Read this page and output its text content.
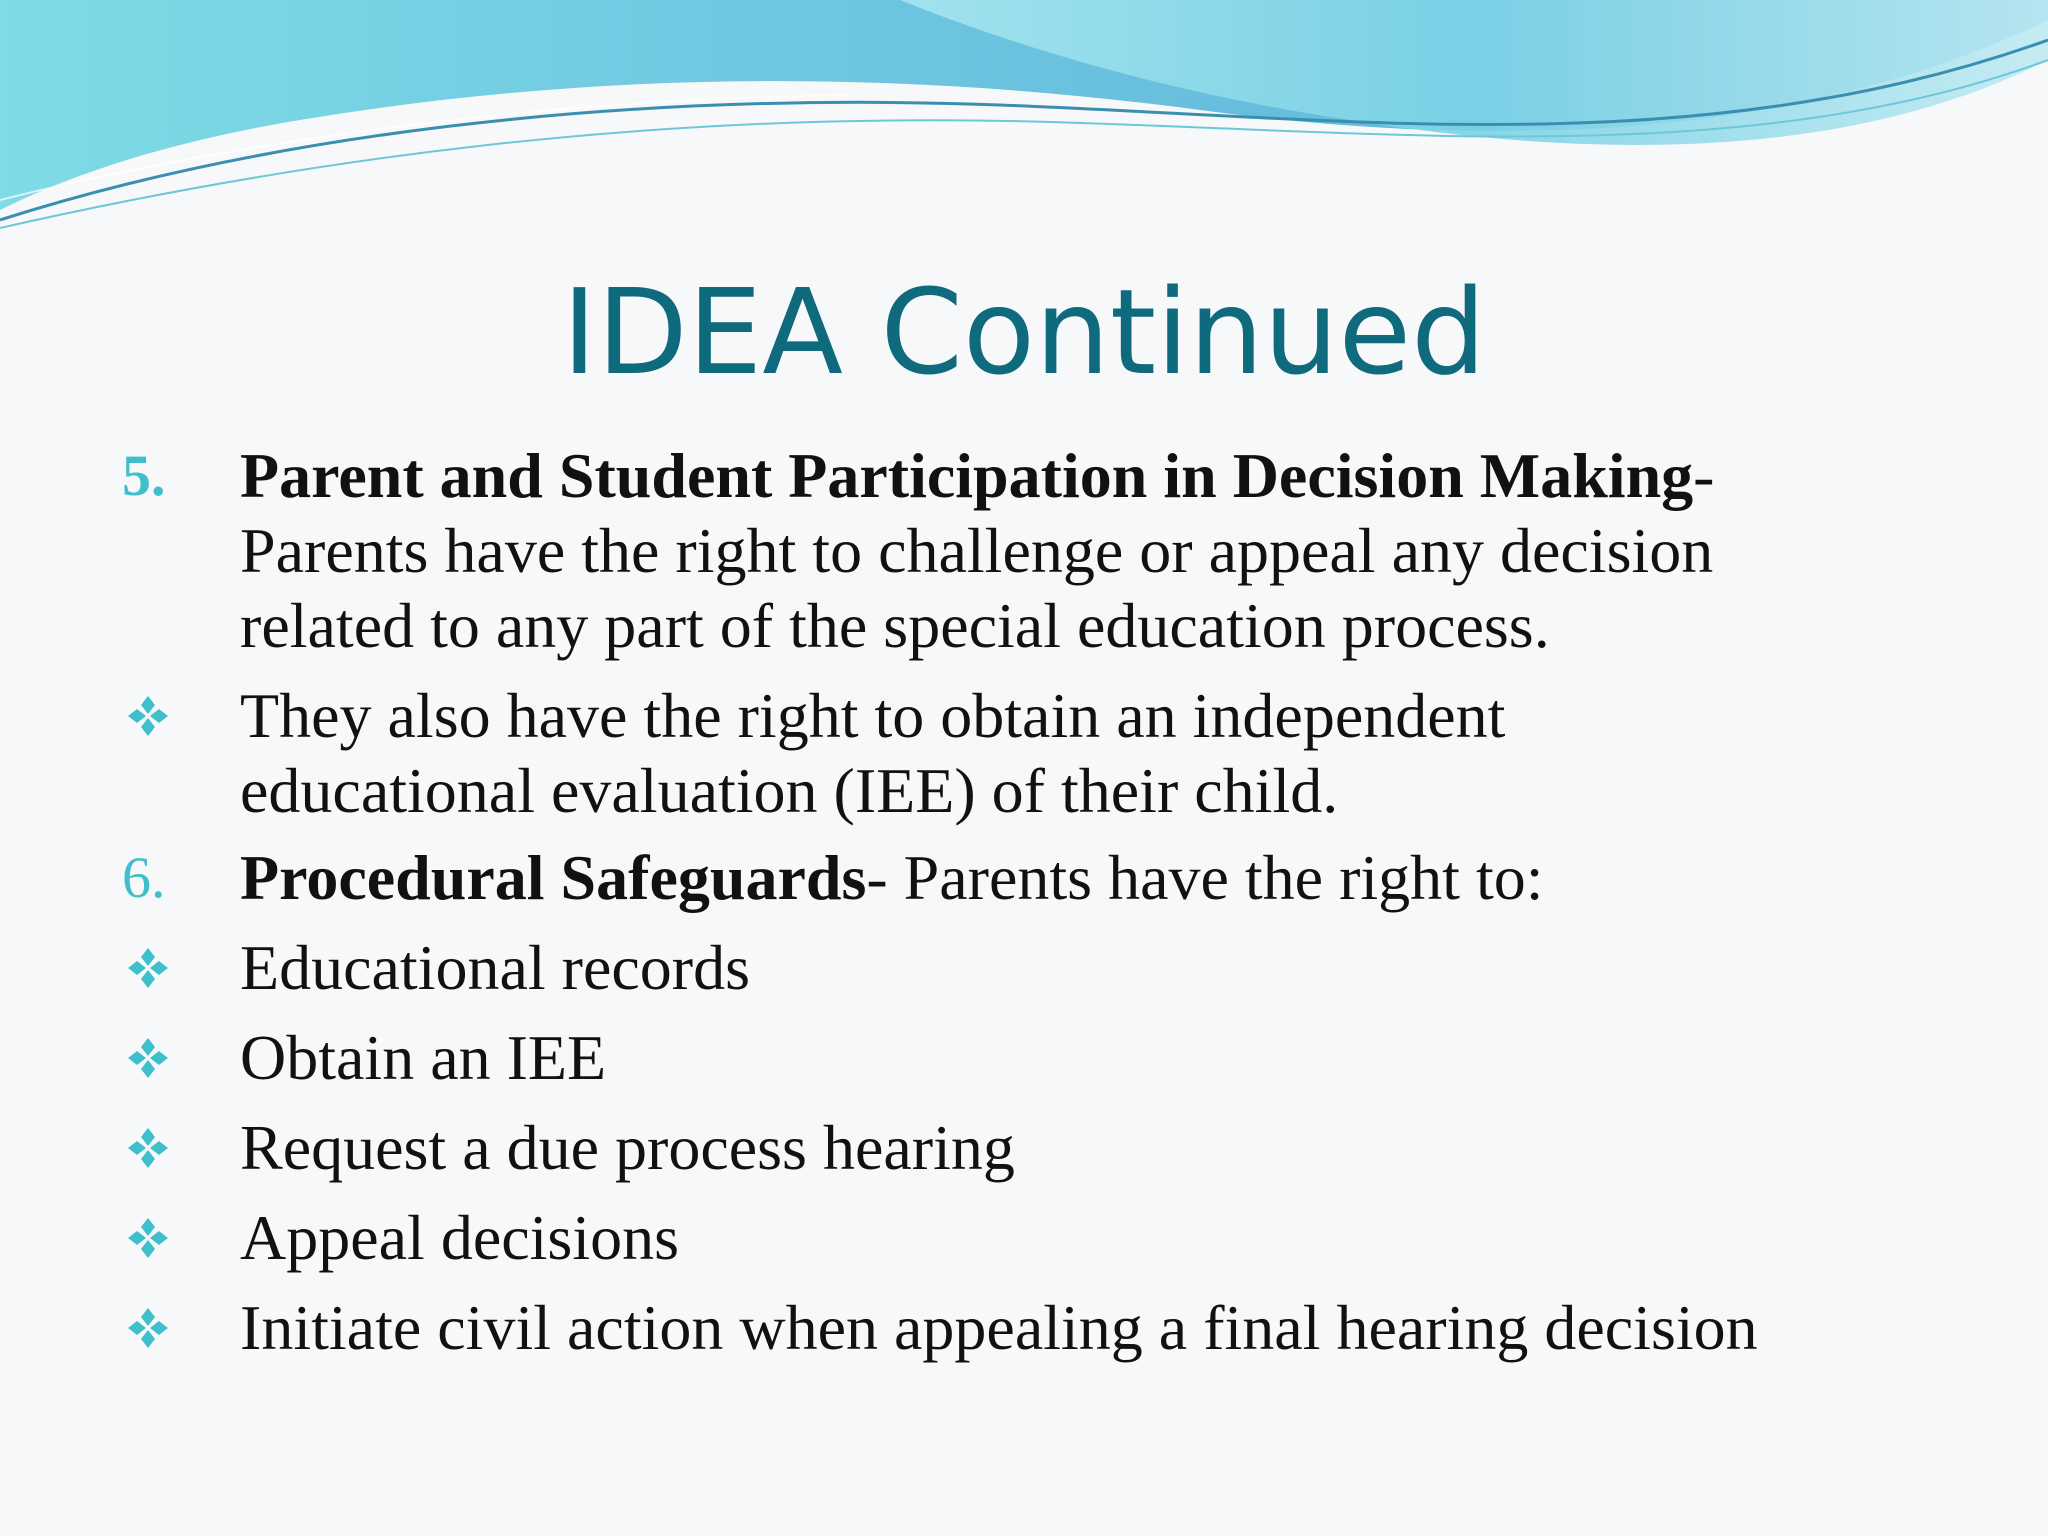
IDEA Continued
5.	Parent and Student Participation in Decision Making-
Parents have the right to challenge or appeal any decision
related to any part of the special education process.
They also have the right to obtain an independent
educational evaluation (IEE) of their child.
6.	Procedural Safeguards- Parents have the right to:
Educational records
Obtain an IEE
Request a due process hearing
Appeal decisions
Initiate civil action when appealing a final hearing decision
